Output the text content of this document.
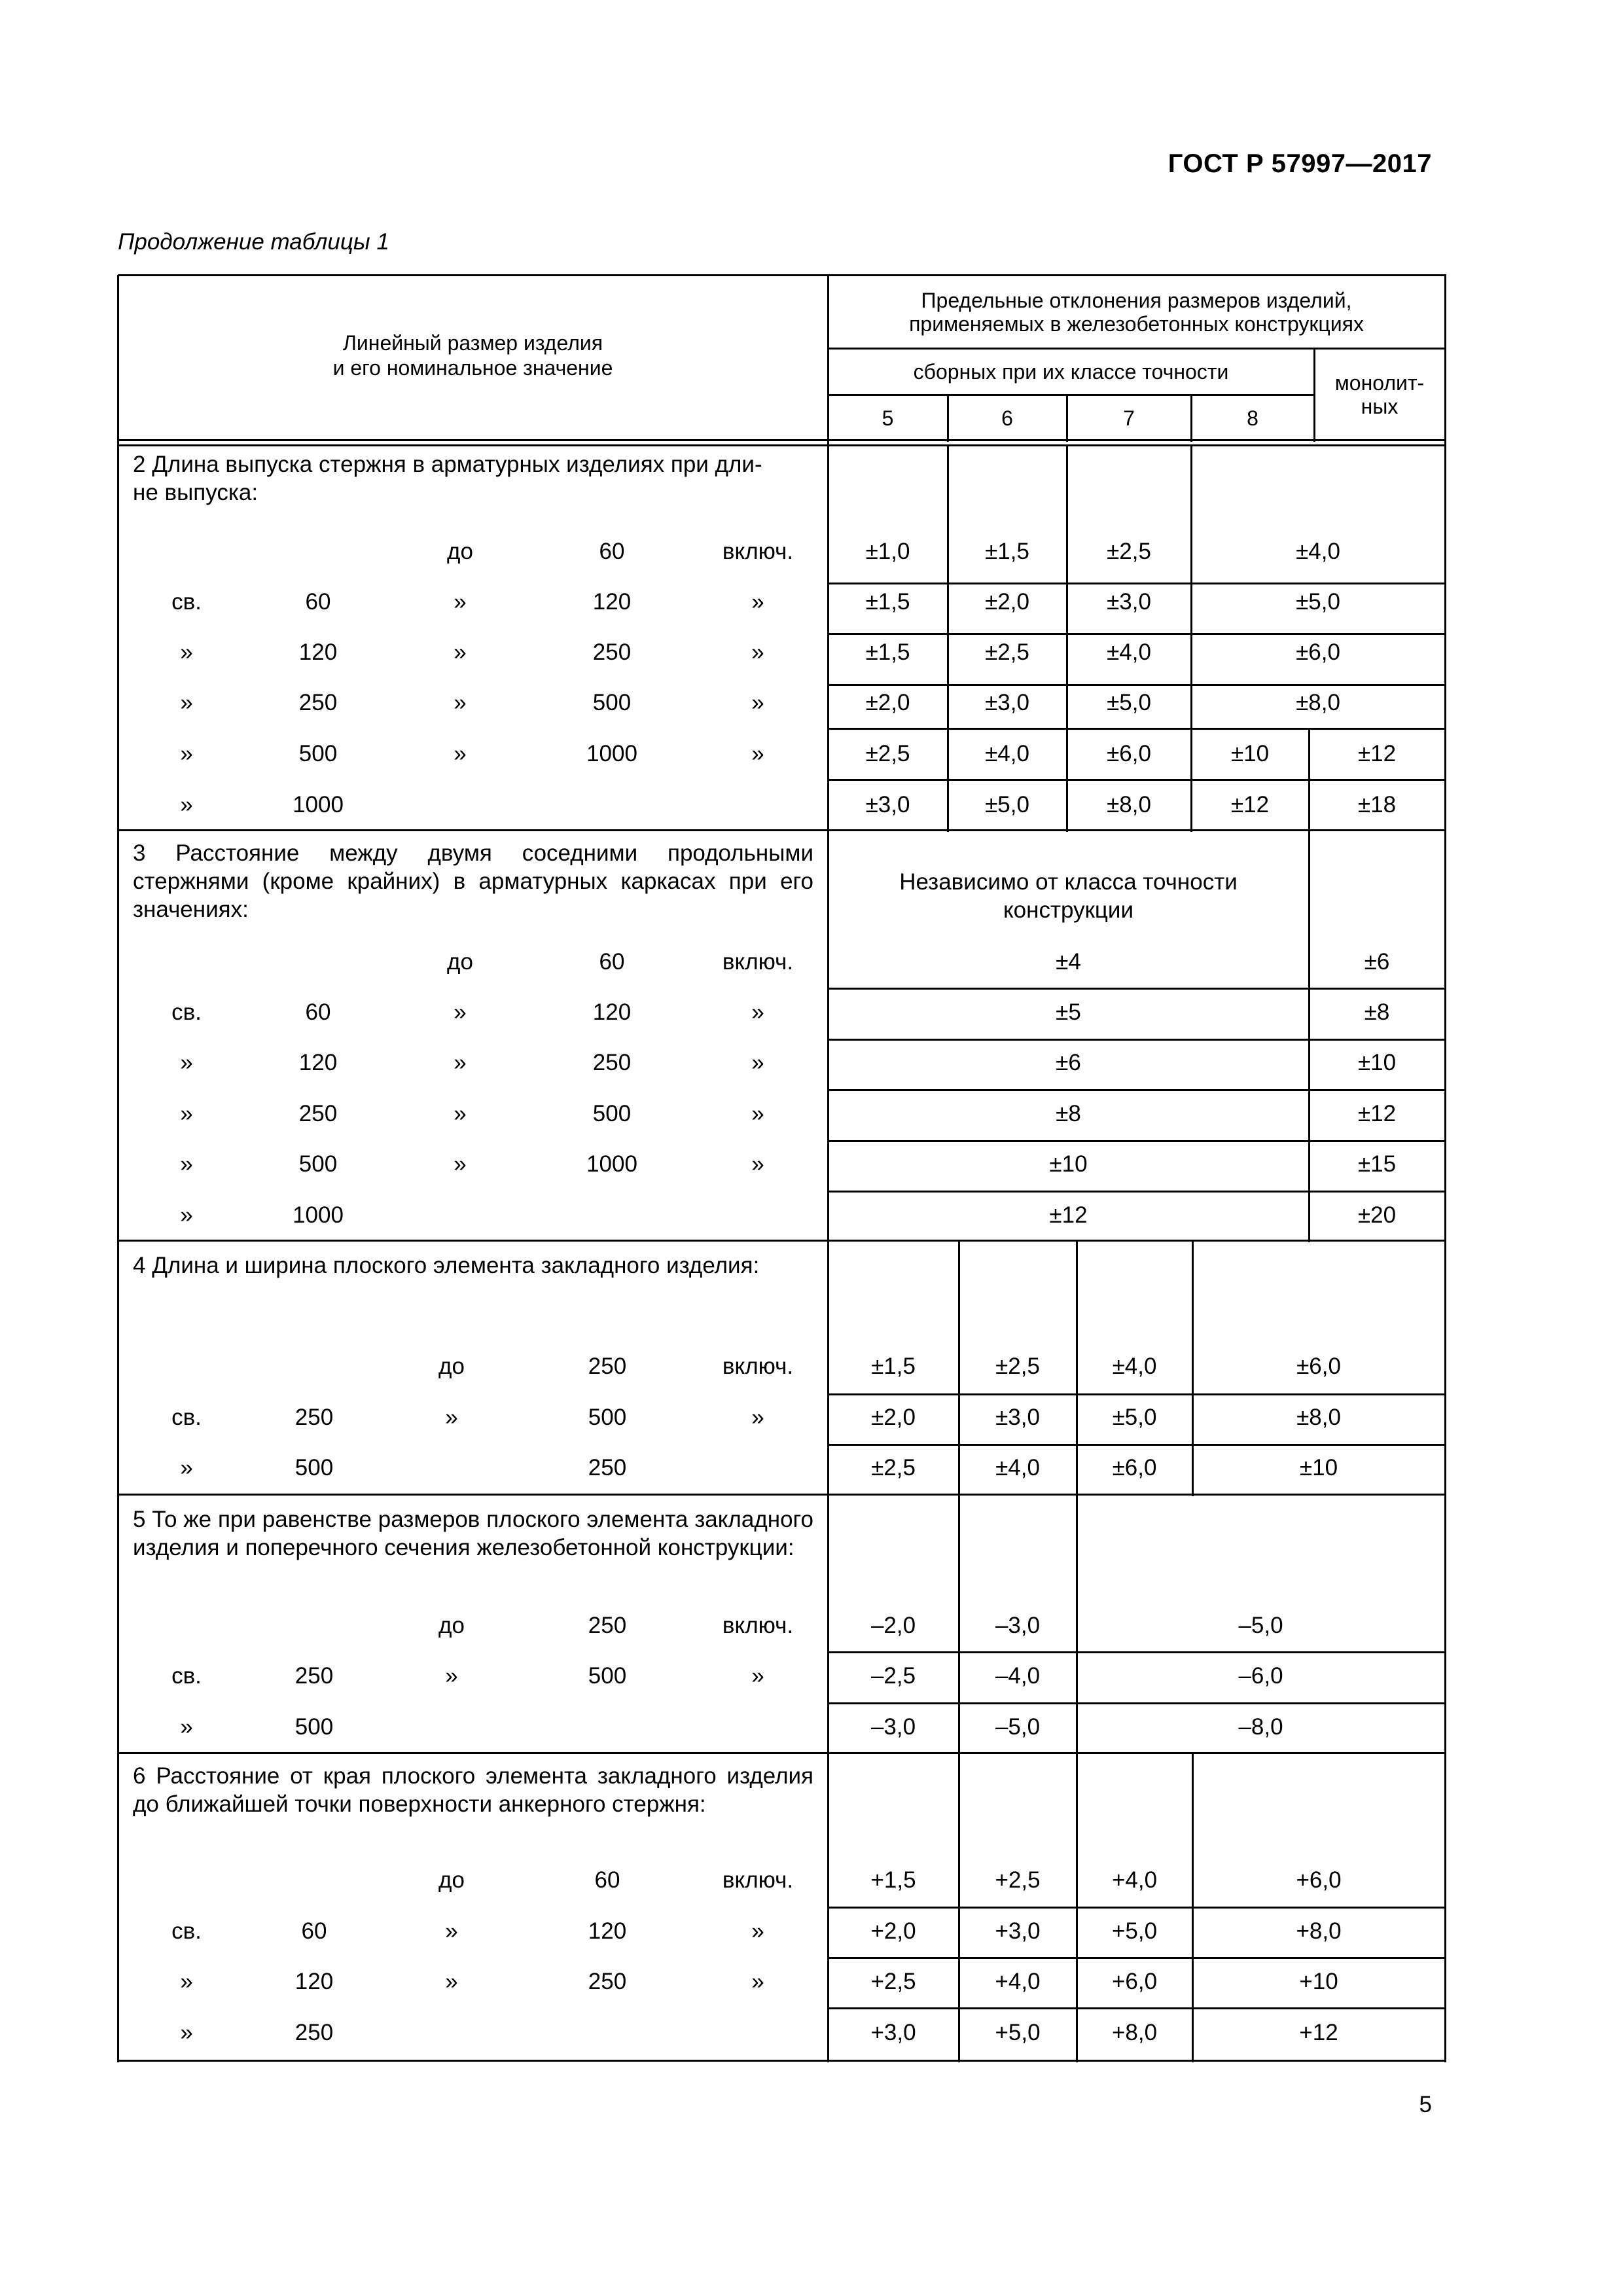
ГОСТ Р 57997—2017
Продолжение таблицы 1
Линейный размер изделия
и его номинальное значение
Предельные отклонения размеров изделий,
применяемых в железобетонных конструкциях
сборных при их классе точности
5	6	7	8
монолит-
ных
2 Длина выпуска стержня в арматурных изделиях при дли-
не выпуска:
до	60	включ.	±1,0	±1,5	±2,5	±4,0
св.	60	»	120	»	±1,5	±2,0	±3,0	±5,0
»	120	»	250	»	±1,5	±2,5	±4,0	±6,0
»	250	»	500	»	±2,0	±3,0	±5,0	±8,0
»	500	»	1000	»	±2,5	±4,0	±6,0	±10	±12
»	1000	±3,0	±5,0	±8,0	±12	±18
3 Расстояние между двумя соседними продольными стержнями (кроме крайних) в арматурных каркасах при его значениях:
Независимо от класса точности
конструкции
до	60	включ.	±4	±6
св.	60	»	120	»	±5	±8
»	120	»	250	»	±6	±10
»	250	»	500	»	±8	±12
»	500	»	1000	»	±10	±15
»	1000	±12	±20
4 Длина и ширина плоского элемента закладного изделия:
до	250	включ.	±1,5	±2,5	±4,0	±6,0
св.	250	»	500	»	±2,0	±3,0	±5,0	±8,0
»	500	250	±2,5	±4,0	±6,0	±10
5 То же при равенстве размеров плоского элемента закладного изделия и поперечного сечения железобетонной конструкции:
до	250	включ.	–2,0	–3,0	–5,0
св.	250	»	500	»	–2,5	–4,0	–6,0
»	500	–3,0	–5,0	–8,0
6 Расстояние от края плоского элемента закладного изделия до ближайшей точки поверхности анкерного стержня:
до	60	включ.	+1,5	+2,5	+4,0	+6,0
св.	60	»	120	»	+2,0	+3,0	+5,0	+8,0
»	120	»	250	»	+2,5	+4,0	+6,0	+10
»	250	+3,0	+5,0	+8,0	+12
5
